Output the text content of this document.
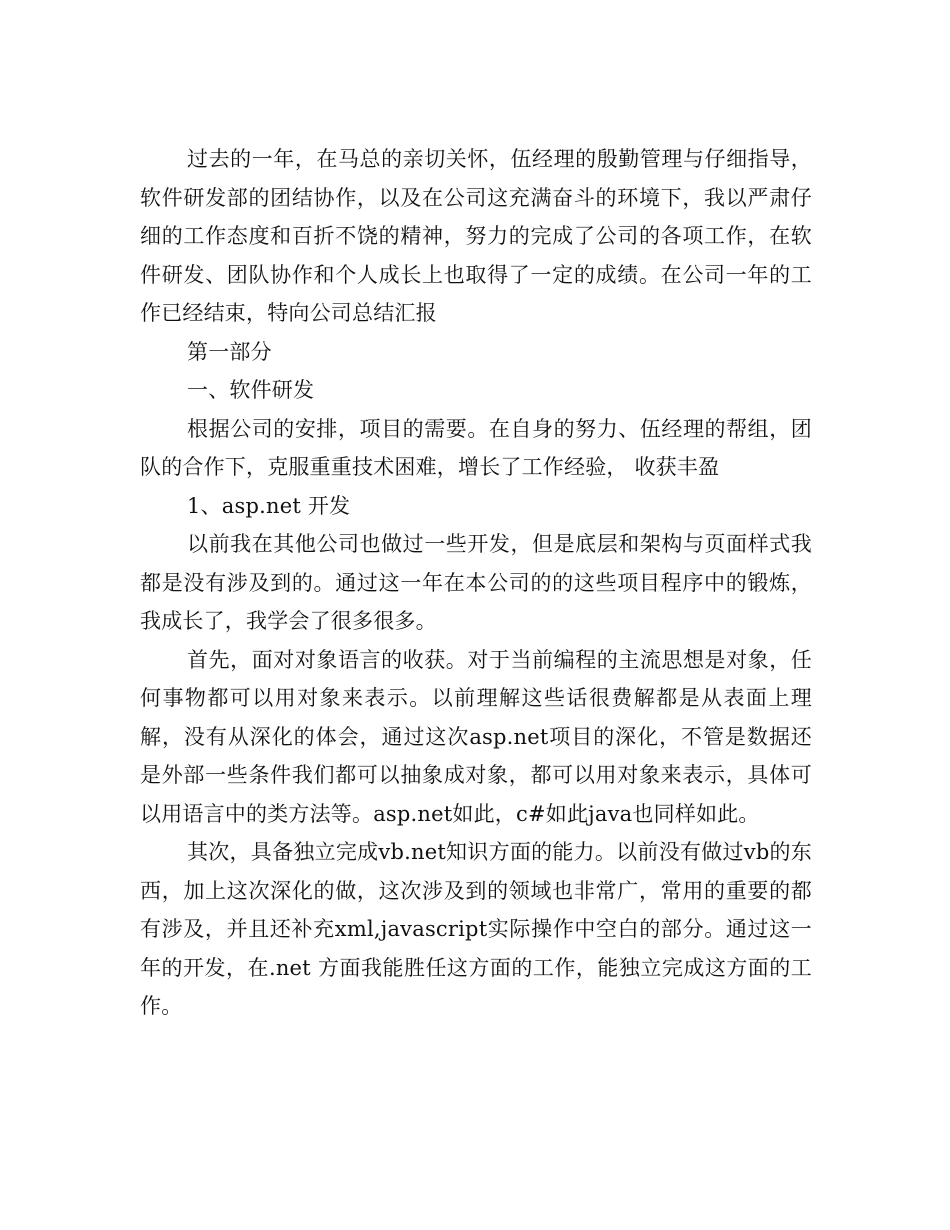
过去的一年，在马总的亲切关怀，伍经理的殷勤管理与仔细指导，软件研发部的团结协作，以及在公司这充满奋斗的环境下，我以严肃仔细的工作态度和百折不饶的精神，努力的完成了公司的各项工作，在软件研发、团队协作和个人成长上也取得了一定的成绩。在公司一年的工作已经结束，特向公司总结汇报

第一部分

一、软件研发

根据公司的安排，项目的需要。在自身的努力、伍经理的帮组，团队的合作下，克服重重技术困难，增长了工作经验， 收获丰盈

1、asp.net 开发

以前我在其他公司也做过一些开发，但是底层和架构与页面样式我都是没有涉及到的。通过这一年在本公司的的这些项目程序中的锻炼，我成长了，我学会了很多很多。

首先，面对对象语言的收获。对于当前编程的主流思想是对象，任何事物都可以用对象来表示。以前理解这些话很费解都是从表面上理解，没有从深化的体会，通过这次asp.net项目的深化，不管是数据还是外部一些条件我们都可以抽象成对象，都可以用对象来表示，具体可以用语言中的类方法等。asp.net如此，c#如此java也同样如此。

其次，具备独立完成vb.net知识方面的能力。以前没有做过vb的东西，加上这次深化的做，这次涉及到的领域也非常广，常用的重要的都有涉及，并且还补充xml,javascript实际操作中空白的部分。通过这一年的开发，在.net 方面我能胜任这方面的工作，能独立完成这方面的工作。
